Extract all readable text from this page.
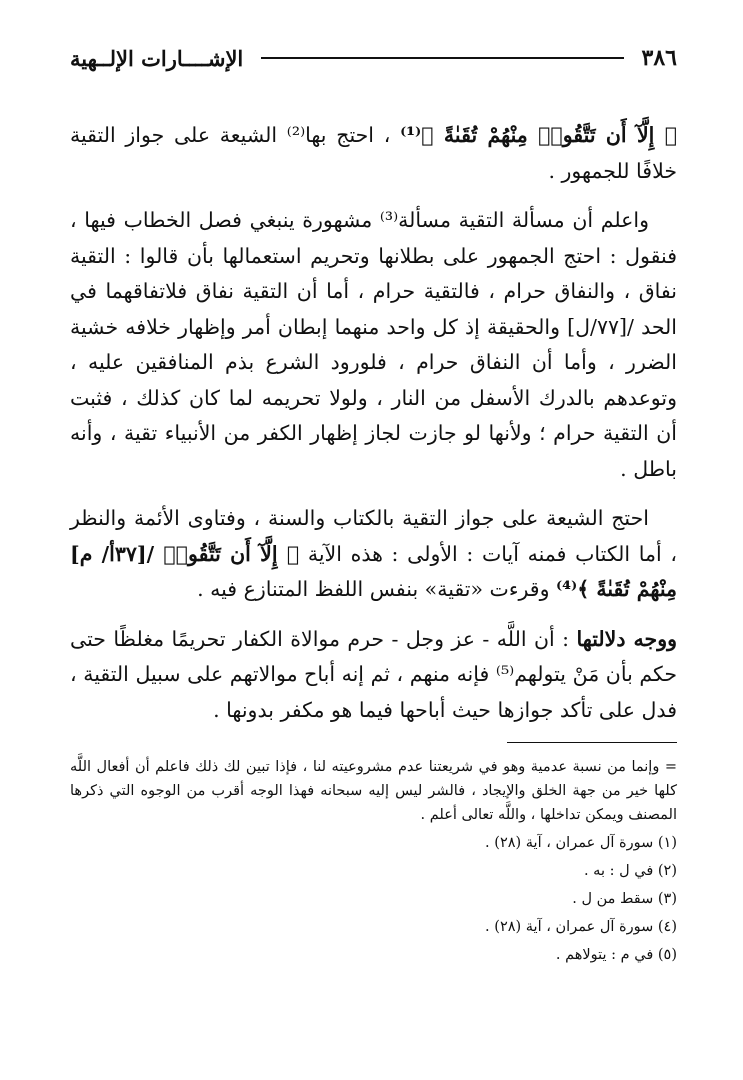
٣٨٦
الإشــــارات الإلــهية

﴿ إِلَّآ أَن تَتَّقُوا۟ مِنْهُمْ تُقَىٰةً ﴾⁽¹⁾ ، احتج بها⁽²⁾ الشيعة على جواز التقية خلافًا للجمهور .

واعلم أن مسألة التقية مسألة⁽³⁾ مشهورة ينبغي فصل الخطاب فيها ، فنقول : احتج الجمهور على بطلانها وتحريم استعمالها بأن قالوا : التقية نفاق ، والنفاق حرام ، فالتقية حرام ، أما أن التقية نفاق فلاتفاقهما في الحد /[٧٧/ل] والحقيقة إذ كل واحد منهما إبطان أمر وإظهار خلافه خشية الضرر ، وأما أن النفاق حرام ، فلورود الشرع بذم المنافقين عليه ، وتوعدهم بالدرك الأسفل من النار ، ولولا تحريمه لما كان كذلك ، فثبت أن التقية حرام ؛ ولأنها لو جازت لجاز إظهار الكفر من الأنبياء تقية ، وأنه باطل .

احتج الشيعة على جواز التقية بالكتاب والسنة ، وفتاوى الأئمة والنظر ، أما الكتاب فمنه آيات : الأولى : هذه الآية ﴿ إِلَّآ أَن تَتَّقُوا۟ /[٣٧أ/ م] مِنْهُمْ تُقَىٰةً ﴾⁽⁴⁾ وقرءت «تقية» بنفس اللفظ المتنازع فيه .

ووجه دلالتها : أن اللَّه - عز وجل - حرم موالاة الكفار تحريمًا مغلظًا حتى حكم بأن مَنْ يتولهم⁽⁵⁾ فإنه منهم ، ثم إنه أباح موالاتهم على سبيل التقية ، فدل على تأكد جوازها حيث أباحها فيما هو مكفر بدونها .

= وإنما من نسبة عدمية وهو في شريعتنا عدم مشروعيته لنا ، فإذا تبين لك ذلك فاعلم أن أفعال اللَّه كلها خير من جهة الخلق والإيجاد ، فالشر ليس إليه سبحانه فهذا الوجه أقرب من الوجوه التي ذكرها المصنف ويمكن تداخلها ، واللَّه تعالى أعلم .

(١) سورة آل عمران ، آية (٢٨) .

(٢) في ل : به .

(٣) سقط من ل .

(٤) سورة آل عمران ، آية (٢٨) .

(٥) في م : يتولاهم .
